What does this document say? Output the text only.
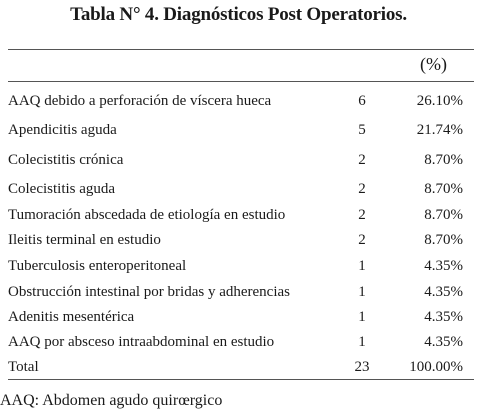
Tabla N° 4. Diagnósticos Post Operatorios.
(%)
AAQ debido a perforación de víscera hueca	6	26.10%
Apendicitis aguda	5	21.74%
Colecistitis crónica	2	8.70%
Colecistitis aguda	2	8.70%
Tumoración abscedada de etiología en estudio	2	8.70%
Ileitis terminal en estudio	2	8.70%
Tuberculosis enteroperitoneal	1	4.35%
Obstrucción intestinal por bridas y adherencias	1	4.35%
Adenitis mesentérica	1	4.35%
AAQ por absceso intraabdominal en estudio	1	4.35%
Total	23	100.00%
AAQ: Abdomen agudo quirœrgico
